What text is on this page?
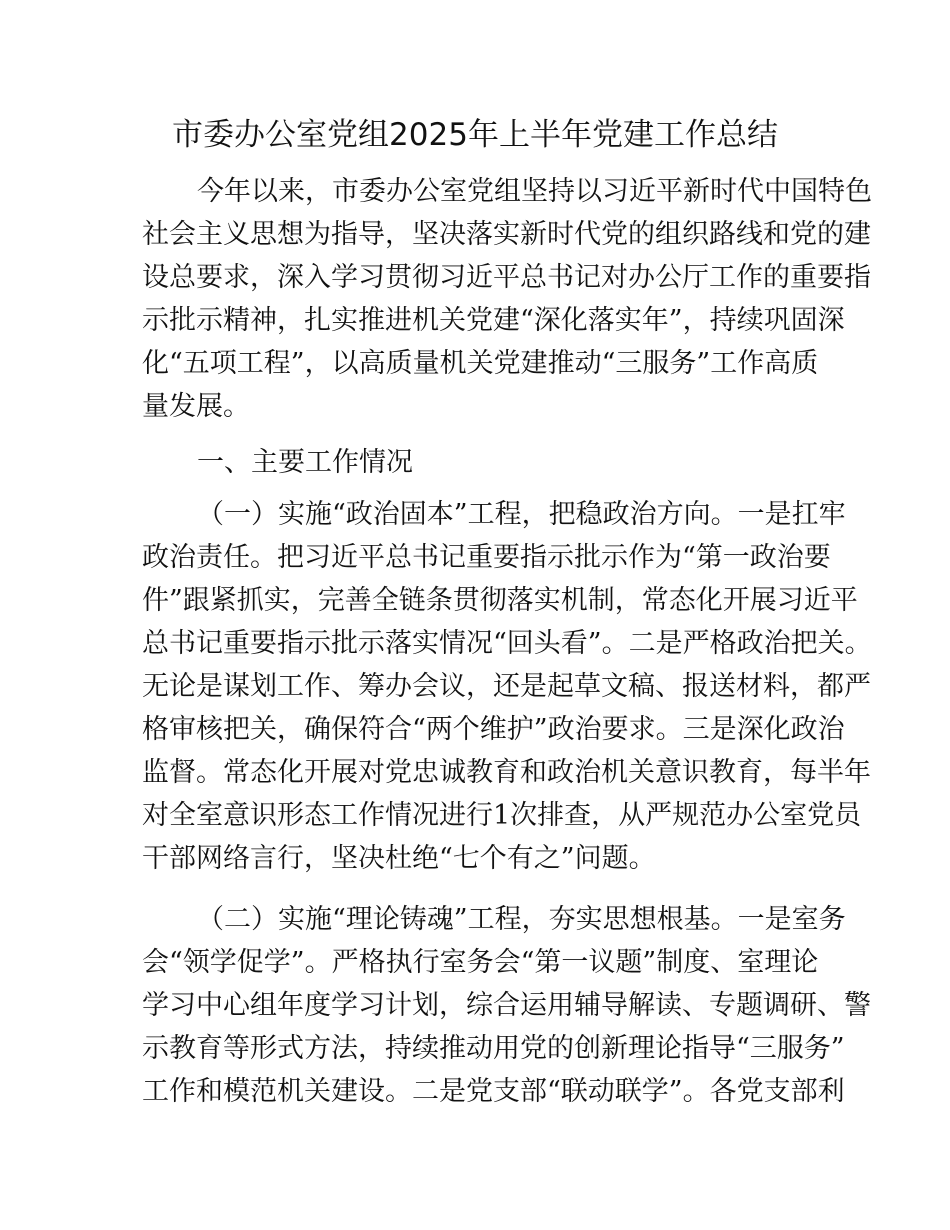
市委办公室党组2025年上半年党建工作总结
今年以来，市委办公室党组坚持以习近平新时代中国特色
社会主义思想为指导，坚决落实新时代党的组织路线和党的建
设总要求，深入学习贯彻习近平总书记对办公厅工作的重要指
示批示精神，扎实推进机关党建“深化落实年”，持续巩固深
化“五项工程”，以高质量机关党建推动“三服务”工作高质
量发展。
一、主要工作情况
（一）实施“政治固本”工程，把稳政治方向。一是扛牢
政治责任。把习近平总书记重要指示批示作为“第一政治要
件”跟紧抓实，完善全链条贯彻落实机制，常态化开展习近平
总书记重要指示批示落实情况“回头看”。二是严格政治把关。
无论是谋划工作、筹办会议，还是起草文稿、报送材料，都严
格审核把关，确保符合“两个维护”政治要求。三是深化政治
监督。常态化开展对党忠诚教育和政治机关意识教育，每半年
对全室意识形态工作情况进行1次排查，从严规范办公室党员
干部网络言行，坚决杜绝“七个有之”问题。
（二）实施“理论铸魂”工程，夯实思想根基。一是室务
会“领学促学”。严格执行室务会“第一议题”制度、室理论
学习中心组年度学习计划，综合运用辅导解读、专题调研、警
示教育等形式方法，持续推动用党的创新理论指导“三服务”
工作和模范机关建设。二是党支部“联动联学”。各党支部利
